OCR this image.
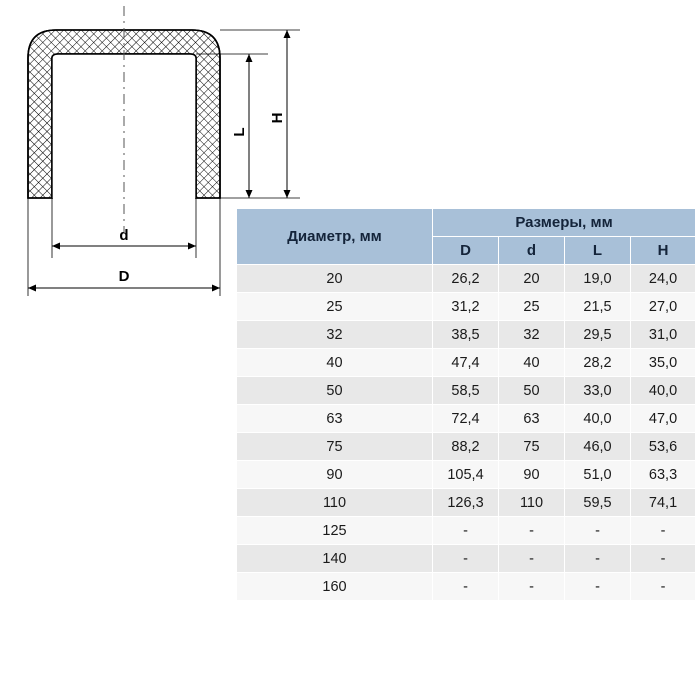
L
H
d
D
Диаметр, мм	Размеры, мм			
	D	d	L	H
20	26,2	20	19,0	24,0
25	31,2	25	21,5	27,0
32	38,5	32	29,5	31,0
40	47,4	40	28,2	35,0
50	58,5	50	33,0	40,0
63	72,4	63	40,0	47,0
75	88,2	75	46,0	53,6
90	105,4	90	51,0	63,3
110	126,3	110	59,5	74,1
125	-	-	-	-
140	-	-	-	-
160	-	-	-	-
